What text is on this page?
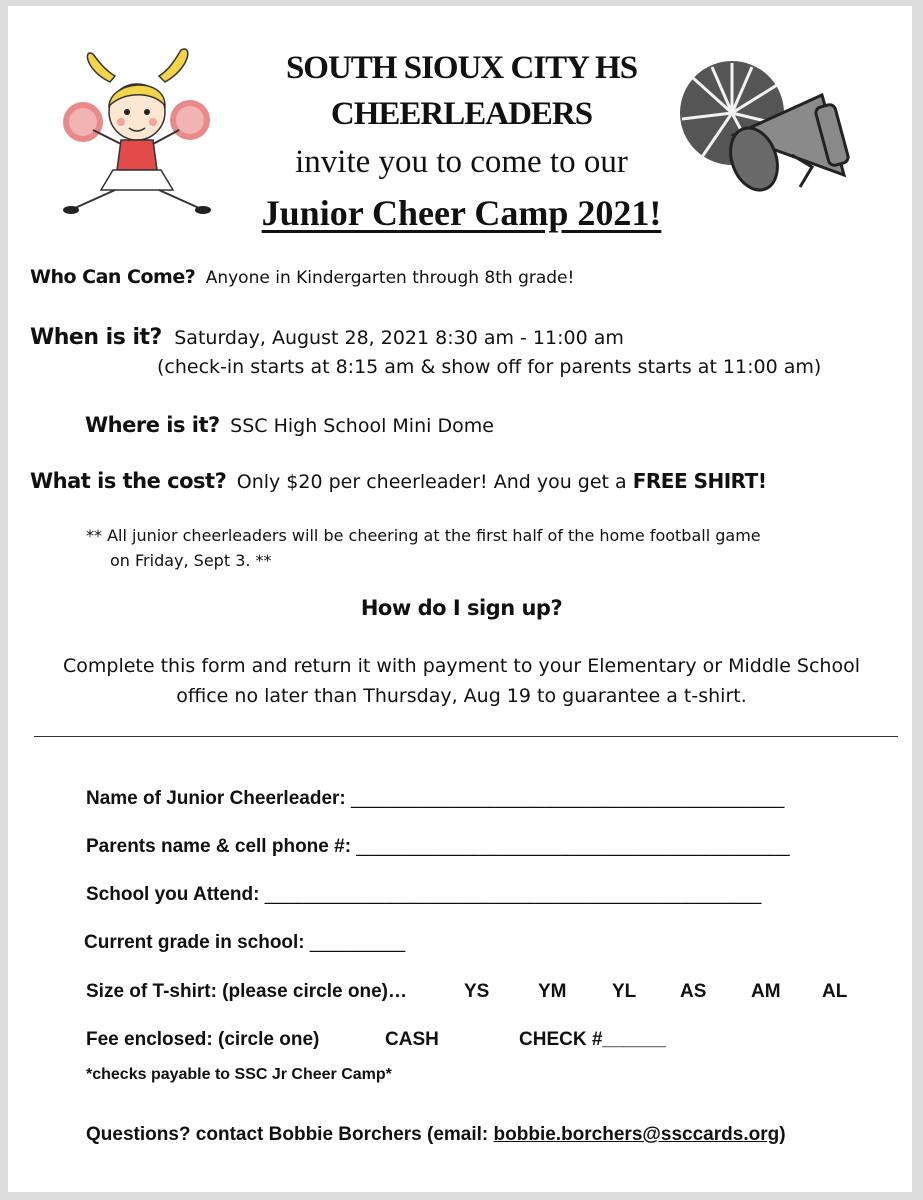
SOUTH SIOUX CITY HS
CHEERLEADERS
invite you to come to our
Junior Cheer Camp 2021!
Who Can Come? Anyone in Kindergarten through 8th grade!
When is it? Saturday, August 28, 2021 8:30 am - 11:00 am
(check-in starts at 8:15 am & show off for parents starts at 11:00 am)
Where is it? SSC High School Mini Dome
What is the cost? Only $20 per cheerleader! And you get a FREE SHIRT!
** All junior cheerleaders will be cheering at the first half of the home football game
on Friday, Sept 3. **
How do I sign up?
Complete this form and return it with payment to your Elementary or Middle School
office no later than Thursday, Aug 19 to guarantee a t-shirt.
Name of Junior Cheerleader: _________________________________________
Parents name & cell phone #: _________________________________________
School you Attend: _______________________________________________
Current grade in school: _________
Size of T-shirt: (please circle one)…	YS	YM YL AS AM AL
Fee enclosed: (circle one)	CASH	CHECK #______
*checks payable to SSC Jr Cheer Camp*
Questions? contact Bobbie Borchers (email: bobbie.borchers@ssccards.org)
